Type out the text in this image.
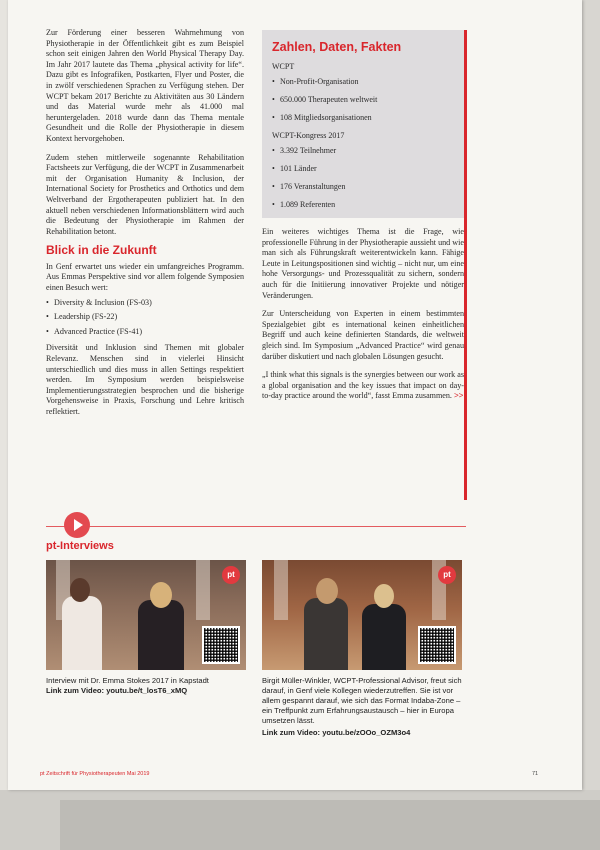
Zur Förderung einer besseren Wahrnehmung von Physiotherapie in der Öffentlichkeit gibt es zum Beispiel schon seit einigen Jahren den World Physical Therapy Day. Im Jahr 2017 lautete das Thema „physical activity for life“. Dazu gibt es Infografiken, Postkarten, Flyer und Poster, die in zwölf verschiedenen Sprachen zu Verfügung stehen. Der WCPT bekam 2017 Berichte zu Aktivitäten aus 30 Ländern und das Material wurde mehr als 41.000 mal heruntergeladen. 2018 wurde dann das Thema mentale Gesundheit und die Rolle der Physiotherapie in diesem Kontext hervorgehoben.

Zudem stehen mittlerweile sogenannte Rehabilitation Factsheets zur Verfügung, die der WCPT in Zusammenarbeit mit der Organisation Humanity & Inclusion, der International Society for Prosthetics and Orthotics und dem Weltverband der Ergotherapeuten publiziert hat. In den aktuell neben verschiedenen Informationsblättern wird auch die Bedeutung der Physiotherapie im Rahmen der Rehabilitation betont.

Blick in die Zukunft

In Genf erwartet uns wieder ein umfangreiches Programm. Aus Emmas Perspektive sind vor allem folgende Symposien einen Besuch wert:

• Diversity & Inclusion (FS-03)
• Leadership (FS-22)
• Advanced Practice (FS-41)

Diversität und Inklusion sind Themen mit globaler Relevanz. Menschen sind in vielerlei Hinsicht unterschiedlich und dies muss in allen Settings respektiert werden. Im Symposium werden beispielsweise Implementierungsstrategien besprochen und die bisherige Vorgehensweise in Praxis, Forschung und Lehre kritisch reflektiert.

Zahlen, Daten, Fakten
WCPT
• Non-Profit-Organisation
• 650.000 Therapeuten weltweit
• 108 Mitgliedsorganisationen
WCPT-Kongress 2017
• 3.392 Teilnehmer
• 101 Länder
• 176 Veranstaltungen
• 1.089 Referenten

Ein weiteres wichtiges Thema ist die Frage, wie professionelle Führung in der Physiotherapie aussieht und wie man sich als Führungskraft weiterentwickeln kann. Fähige Leute in Leitungspositionen sind wichtig – nicht nur, um eine hohe Versorgungs- und Prozessqualität zu sichern, sondern auch für die Initiierung innovativer Projekte und nötiger Veränderungen.

Zur Unterscheidung von Experten in einem bestimmten Spezialgebiet gibt es international keinen einheitlichen Begriff und auch keine definierten Standards, die weltweit gleich sind. Im Symposium „Advanced Practice“ wird genau darüber diskutiert und nach globalen Lösungen gesucht.

„I think what this signals is the synergies between our work as a global organisation and the key issues that impact on day-to-day practice around the world“, fasst Emma zusammen. >>

pt-Interviews
pt	pt
Interview mit Dr. Emma Stokes 2017 in Kapstadt
Link zum Video: youtu.be/t_losT6_xMQ
Birgit Müller-Winkler, WCPT-Professional Advisor, freut sich darauf, in Genf viele Kollegen wiederzutreffen. Sie ist vor allem gespannt darauf, wie sich das Format Indaba-Zone – ein Treffpunkt zum Erfahrungsaustausch – hier in Europa umsetzen lässt.
Link zum Video: youtu.be/zOOo_OZM3o4
pt Zeitschrift für Physiotherapeuten Mai 2019	71
